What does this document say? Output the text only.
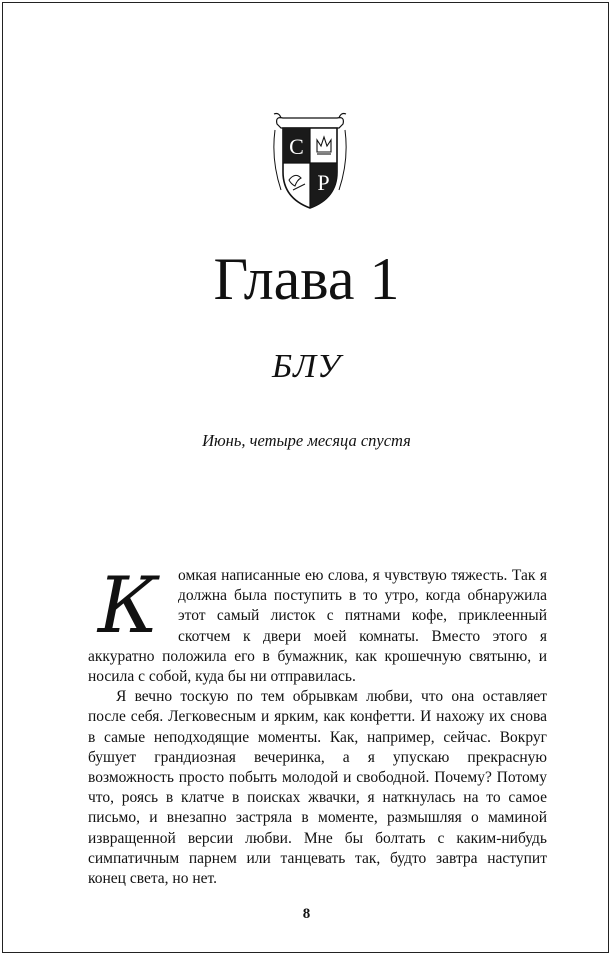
C
P
Глава 1
БЛУ
Июнь, четыре месяца спустя

К	омкая написанные ею слова, я чувствую тяжесть. Так я должна была поступить в то утро, когда обнаружила этот самый листок с пятнами кофе, приклеенный скотчем к двери моей комнаты. Вместо этого я аккуратно положила его в бумажник, как крошечную святыню, и носила с собой, куда бы ни отправилась.

Я вечно тоскую по тем обрывкам любви, что она оставляет после себя. Легковесным и ярким, как конфетти. И нахожу их снова в самые неподходящие моменты. Как, например, сейчас. Вокруг бушует грандиозная вечеринка, а я упускаю прекрасную возможность просто побыть молодой и свободной. Почему? Потому что, роясь в клатче в поисках жвачки, я наткнулась на то самое письмо, и внезапно застряла в моменте, размышляя о маминой извращенной версии любви. Мне бы болтать с каким-нибудь симпатичным парнем или танцевать так, будто завтра наступит конец света, но нет.

8
